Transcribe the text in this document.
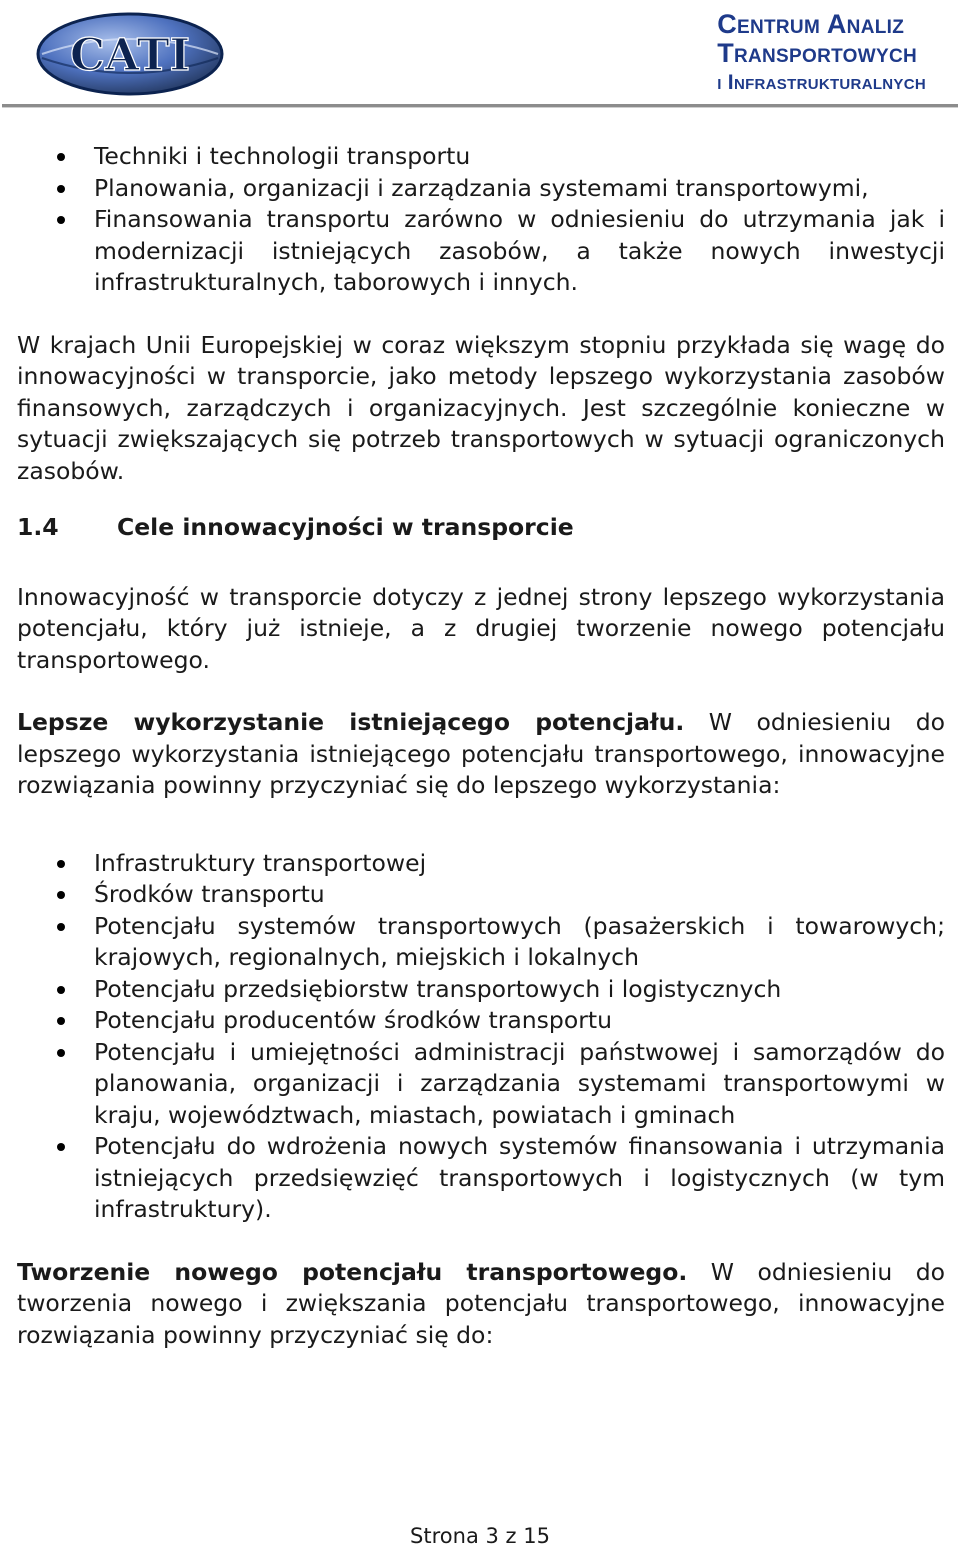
CATI
Centrum Analiz
Transportowych
i Infrastrukturalnych
Techniki i technologii transportu
Planowania, organizacji i zarządzania systemami transportowymi,
Finansowania transportu zarówno w odniesieniu do utrzymania jak i modernizacji istniejących zasobów, a także nowych inwestycji infrastrukturalnych, taborowych i innych.

W krajach Unii Europejskiej w coraz większym stopniu przykłada się wagę do innowacyjności w transporcie, jako metody lepszego wykorzystania zasobów finansowych, zarządczych i organizacyjnych. Jest szczególnie konieczne w sytuacji zwiększających się potrzeb transportowych w sytuacji ograniczonych zasobów.

1.4 Cele innowacyjności w transporcie

Innowacyjność w transporcie dotyczy z jednej strony lepszego wykorzystania potencjału, który już istnieje, a z drugiej tworzenie nowego potencjału transportowego.

Lepsze wykorzystanie istniejącego potencjału. W odniesieniu do lepszego wykorzystania istniejącego potencjału transportowego, innowacyjne rozwiązania powinny przyczyniać się do lepszego wykorzystania:

Infrastruktury transportowej
Środków transportu
Potencjału systemów transportowych (pasażerskich i towarowych; krajowych, regionalnych, miejskich i lokalnych
Potencjału przedsiębiorstw transportowych i logistycznych
Potencjału producentów środków transportu
Potencjału i umiejętności administracji państwowej i samorządów do planowania, organizacji i zarządzania systemami transportowymi w kraju, województwach, miastach, powiatach i gminach
Potencjału do wdrożenia nowych systemów finansowania i utrzymania istniejących przedsięwzięć transportowych i logistycznych (w tym infrastruktury).

Tworzenie nowego potencjału transportowego. W odniesieniu do tworzenia nowego i zwiększania potencjału transportowego, innowacyjne rozwiązania powinny przyczyniać się do:

Strona 3 z 15
